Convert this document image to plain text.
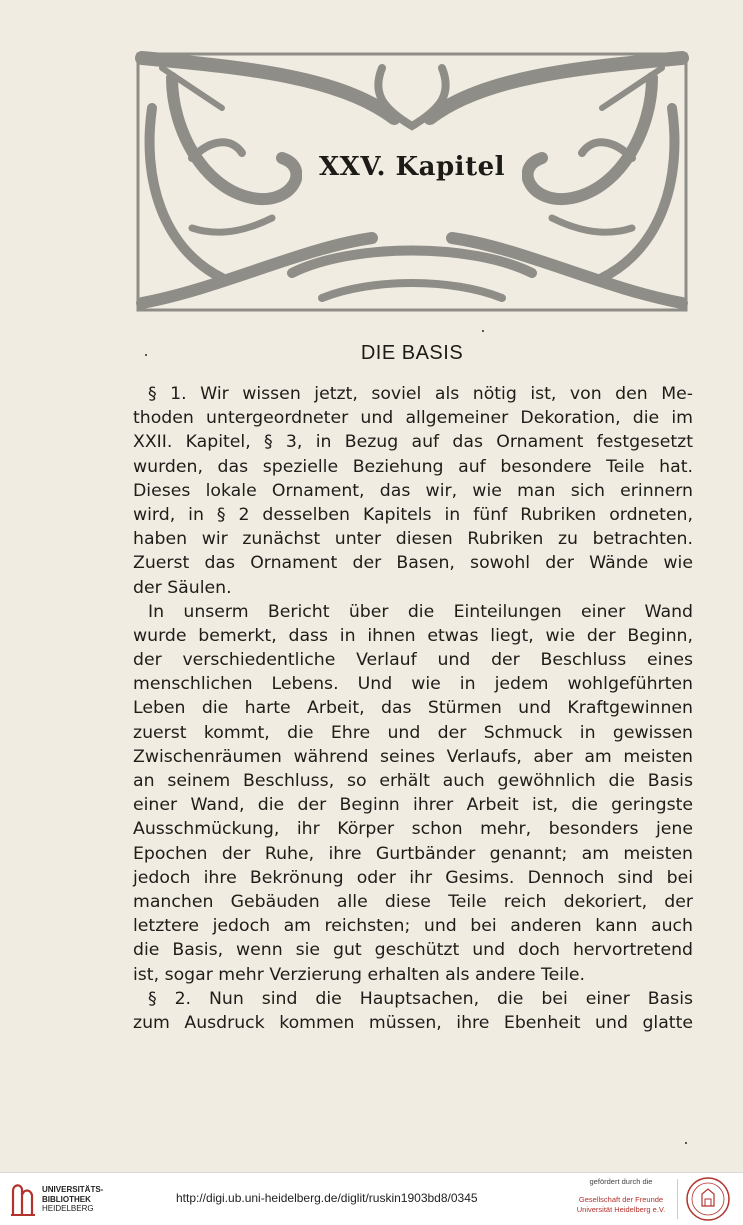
XXV. Kapitel
DIE BASIS
§ 1. Wir wissen jetzt, soviel als nötig ist, von den Me-
thoden untergeordneter und allgemeiner Dekoration, die im
XXII. Kapitel, § 3, in Bezug auf das Ornament festgesetzt
wurden, das spezielle Beziehung auf besondere Teile hat.
Dieses lokale Ornament, das wir, wie man sich erinnern
wird, in § 2 desselben Kapitels in fünf Rubriken ordneten,
haben wir zunächst unter diesen Rubriken zu betrachten.
Zuerst das Ornament der Basen, sowohl der Wände wie
der Säulen.
In unserm Bericht über die Einteilungen einer Wand
wurde bemerkt, dass in ihnen etwas liegt, wie der Beginn,
der verschiedentliche Verlauf und der Beschluss eines
menschlichen Lebens. Und wie in jedem wohlgeführten
Leben die harte Arbeit, das Stürmen und Kraftgewinnen
zuerst kommt, die Ehre und der Schmuck in gewissen
Zwischenräumen während seines Verlaufs, aber am meisten
an seinem Beschluss, so erhält auch gewöhnlich die Basis
einer Wand, die der Beginn ihrer Arbeit ist, die geringste
Ausschmückung, ihr Körper schon mehr, besonders jene
Epochen der Ruhe, ihre Gurtbänder genannt; am meisten
jedoch ihre Bekrönung oder ihr Gesims. Dennoch sind bei
manchen Gebäuden alle diese Teile reich dekoriert, der
letztere jedoch am reichsten; und bei anderen kann auch
die Basis, wenn sie gut geschützt und doch hervortretend
ist, sogar mehr Verzierung erhalten als andere Teile.
§ 2. Nun sind die Hauptsachen, die bei einer Basis
zum Ausdruck kommen müssen, ihre Ebenheit und glatte
UNIVERSITÄTS-
BIBLIOTHEK
HEIDELBERG
http://digi.ub.uni-heidelberg.de/diglit/ruskin1903bd8/0345
gefördert durch die
Gesellschaft der Freunde
Universität Heidelberg e.V.
